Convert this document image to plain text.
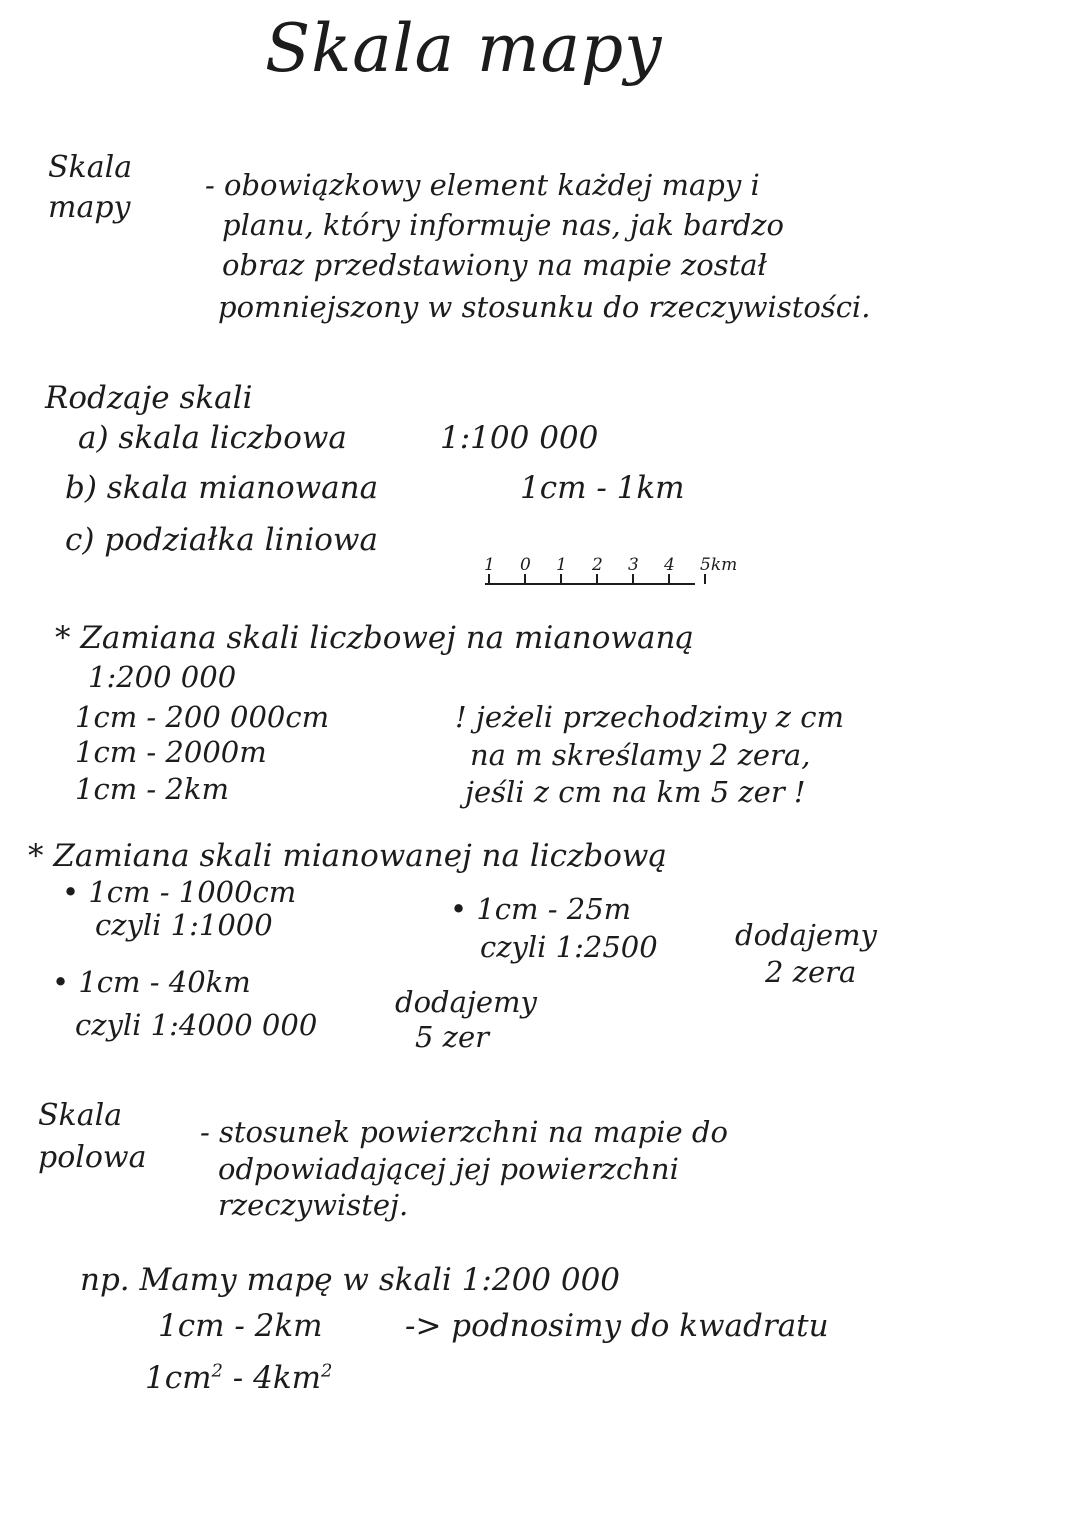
Skala mapy
Skala
mapy
- obowiązkowy element każdej mapy i
planu, który informuje nas, jak bardzo
obraz przedstawiony na mapie został
pomniejszony w stosunku do rzeczywistości.
Rodzaje skali
a) skala liczbowa	1:100 000
b) skala mianowana	1cm - 1km
c) podziałka liniowa
1 0 1 2 3 4 5km
* Zamiana skali liczbowej na mianowaną
1:200 000
1cm - 200 000cm
1cm - 2000m
1cm - 2km
! jeżeli przechodzimy z cm
na m skreślamy 2 zera,
jeśli z cm na km 5 zer !
* Zamiana skali mianowanej na liczbową
• 1cm - 1000cm
czyli 1:1000	• 1cm - 25m
czyli 1:2500	dodajemy
2 zera
• 1cm - 40km
czyli 1:4000 000
dodajemy
5 zer
Skala
polowa
- stosunek powierzchni na mapie do
odpowiadającej jej powierzchni
rzeczywistej.
np. Mamy mapę w skali 1:200 000
1cm - 2km	-> podnosimy do kwadratu
$1cm^2 - 4km^2$
